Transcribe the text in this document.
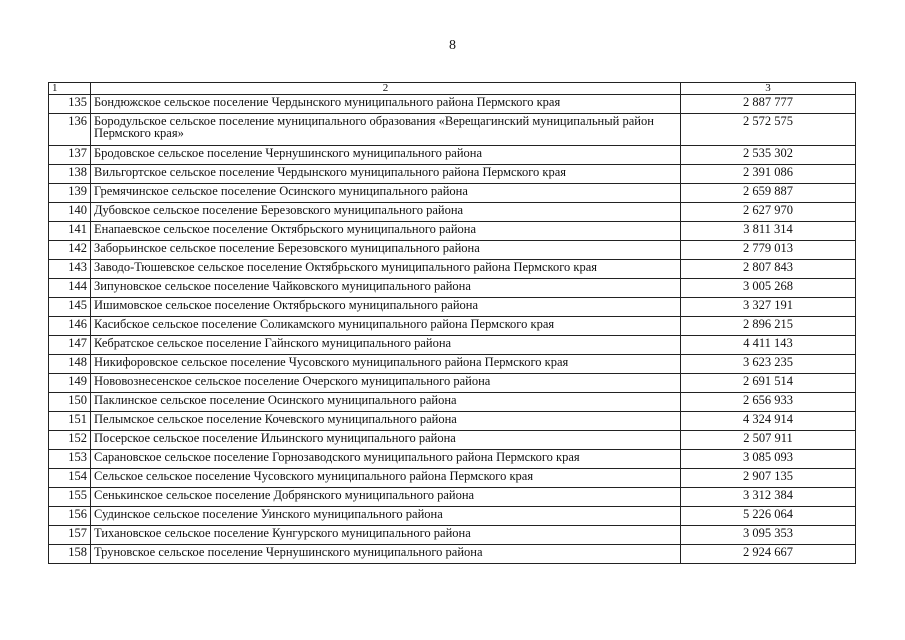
8
1	2	3
135	Бондюжское сельское поселение Чердынского муниципального района Пермского края	2 887 777
136	Бородульское сельское поселение муниципального образования «Верещагинский муниципальный район Пермского края»	2 572 575
137	Бродовское сельское поселение Чернушинского муниципального района	2 535 302
138	Вильгортское сельское поселение Чердынского муниципального района Пермского края	2 391 086
139	Гремячинское сельское поселение Осинского муниципального района	2 659 887
140	Дубовское сельское поселение Березовского муниципального района	2 627 970
141	Енапаевское сельское поселение Октябрьского муниципального района	3 811 314
142	Заборьинское сельское поселение Березовского муниципального района	2 779 013
143	Заводо-Тюшевское сельское поселение Октябрьского муниципального района Пермского края	2 807 843
144	Зипуновское сельское поселение Чайковского муниципального района	3 005 268
145	Ишимовское сельское поселение Октябрьского муниципального района	3 327 191
146	Касибское сельское поселение Соликамского муниципального района Пермского края	2 896 215
147	Кебратское сельское поселение Гайнского муниципального района	4 411 143
148	Никифоровское сельское поселение Чусовского муниципального района Пермского края	3 623 235
149	Нововознесенское сельское поселение Очерского муниципального района	2 691 514
150	Паклинское сельское поселение Осинского муниципального района	2 656 933
151	Пелымское сельское поселение Кочевского муниципального района	4 324 914
152	Посерское сельское поселение Ильинского муниципального района	2 507 911
153	Сарановское сельское поселение Горнозаводского муниципального района Пермского края	3 085 093
154	Сельское сельское поселение Чусовского муниципального района Пермского края	2 907 135
155	Сенькинское сельское поселение Добрянского муниципального района	3 312 384
156	Судинское сельское поселение Уинского муниципального района	5 226 064
157	Тихановское сельское поселение Кунгурского муниципального района	3 095 353
158	Труновское сельское поселение Чернушинского муниципального района	2 924 667
